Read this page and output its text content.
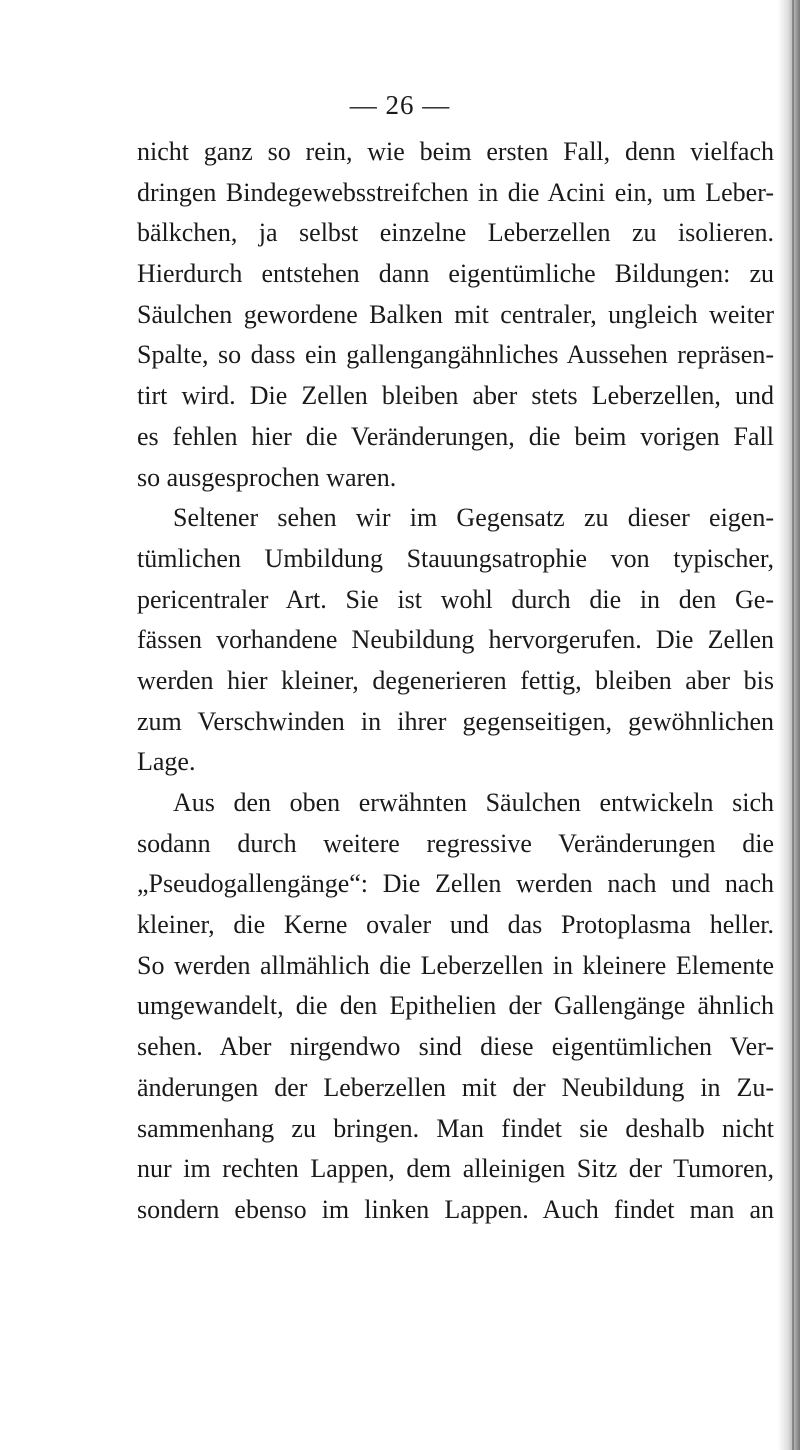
— 26 —
nicht ganz so rein, wie beim ersten Fall, denn vielfach
dringen Bindegewebsstreifchen in die Acini ein, um Leber-
bälkchen, ja selbst einzelne Leberzellen zu isolieren.
Hierdurch entstehen dann eigentümliche Bildungen: zu
Säulchen gewordene Balken mit centraler, ungleich weiter
Spalte, so dass ein gallengangähnliches Aussehen repräsen-
tirt wird. Die Zellen bleiben aber stets Leberzellen, und
es fehlen hier die Veränderungen, die beim vorigen Fall
so ausgesprochen waren.
Seltener sehen wir im Gegensatz zu dieser eigen-
tümlichen Umbildung Stauungsatrophie von typischer,
pericentraler Art. Sie ist wohl durch die in den Ge-
fässen vorhandene Neubildung hervorgerufen. Die Zellen
werden hier kleiner, degenerieren fettig, bleiben aber bis
zum Verschwinden in ihrer gegenseitigen, gewöhnlichen
Lage.
Aus den oben erwähnten Säulchen entwickeln sich
sodann durch weitere regressive Veränderungen die
„Pseudogallengänge“: Die Zellen werden nach und nach
kleiner, die Kerne ovaler und das Protoplasma heller.
So werden allmählich die Leberzellen in kleinere Elemente
umgewandelt, die den Epithelien der Gallengänge ähnlich
sehen. Aber nirgendwo sind diese eigentümlichen Ver-
änderungen der Leberzellen mit der Neubildung in Zu-
sammenhang zu bringen. Man findet sie deshalb nicht
nur im rechten Lappen, dem alleinigen Sitz der Tumoren,
sondern ebenso im linken Lappen. Auch findet man an
